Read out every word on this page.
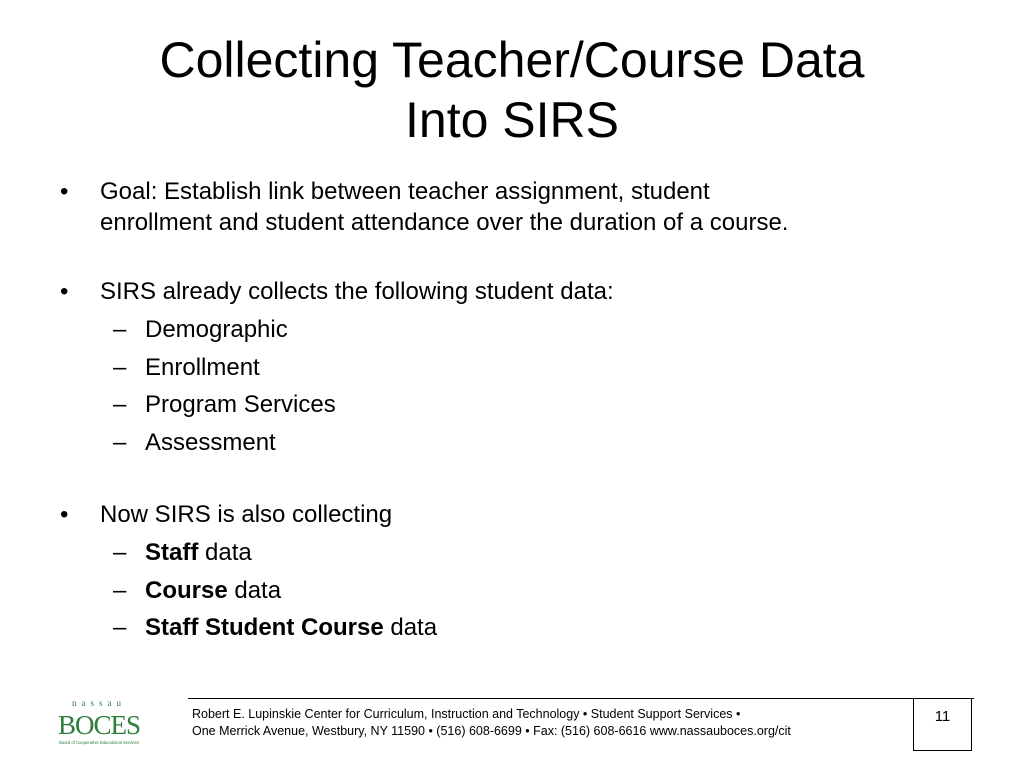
Collecting Teacher/Course Data
Into SIRS
• Goal: Establish link between teacher assignment, student
enrollment and student attendance over the duration of a course.
• SIRS already collects the following student data:
– Demographic
– Enrollment
– Program Services
– Assessment
• Now SIRS is also collecting
– Staff data
– Course data
– Staff Student Course data
nassau
BOCES
Board of Cooperative Educational Services
Robert E. Lupinskie Center for Curriculum, Instruction and Technology • Student Support Services •
One Merrick Avenue, Westbury, NY 11590 • (516) 608-6699 • Fax: (516) 608-6616 www.nassauboces.org/cit
11
